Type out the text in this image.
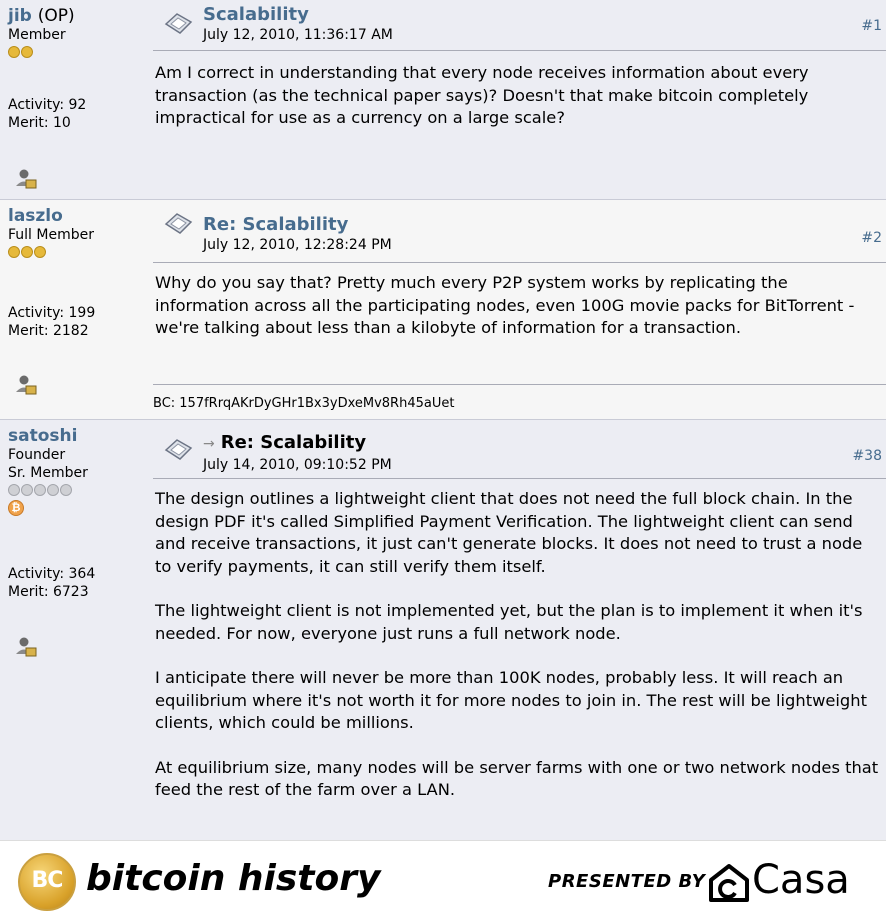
jib (OP)
Member
Activity: 92
Merit: 10
Scalability
July 12, 2010, 11:36:17 AM
#1

Am I correct in understanding that every node receives information about every transaction (as the technical paper says)? Doesn't that make bitcoin completely impractical for use as a currency on a large scale?

laszlo
Full Member
Activity: 199
Merit: 2182
Re: Scalability
July 12, 2010, 12:28:24 PM	#2

Why do you say that? Pretty much every P2P system works by replicating the information across all the participating nodes, even 100G movie packs for BitTorrent - we're talking about less than a kilobyte of information for a transaction.

BC: 157fRrqAKrDyGHr1Bx3yDxeMv8Rh45aUet
satoshi
Founder
Sr. Member
₿
Activity: 364
Merit: 6723
→ Re: Scalability
July 14, 2010, 09:10:52 PM
#38

The design outlines a lightweight client that does not need the full block chain. In the design PDF it's called Simplified Payment Verification. The lightweight client can send and receive transactions, it just can't generate blocks. It does not need to trust a node to verify payments, it can still verify them itself.

The lightweight client is not implemented yet, but the plan is to implement it when it's needed. For now, everyone just runs a full network node.

I anticipate there will never be more than 100K nodes, probably less. It will reach an equilibrium where it's not worth it for more nodes to join in. The rest will be lightweight clients, which could be millions.

At equilibrium size, many nodes will be server farms with one or two network nodes that feed the rest of the farm over a LAN.

BC bitcoin history	PRESENTED BY Casa
